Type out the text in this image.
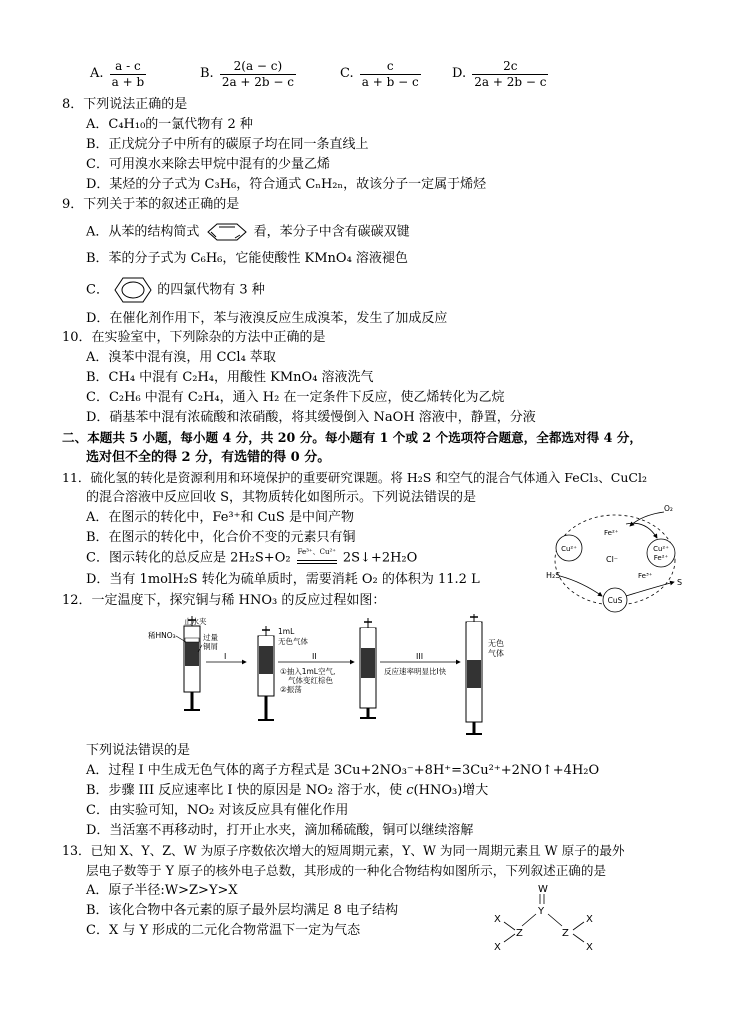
A. $\frac{a - c}{a + b}$	B. $\frac{2(a - c)}{2a + 2b - c}$	C. $\frac{c}{a + b - c} D$. $\frac{2c}{2a + 2b - c}$
8．下列说法正确的是
A．C₄H₁₀的一氯代物有 2 种
B．正戊烷分子中所有的碳原子均在同一条直线上
C．可用溴水来除去甲烷中混有的少量乙烯
D．某烃的分子式为 C₃H₆，符合通式 CₙH₂ₙ，故该分子一定属于烯烃
9．下列关于苯的叙述正确的是
A．从苯的结构简式	看，苯分子中含有碳碳双键
B．苯的分子式为 C₆H₆，它能使酸性 KMnO₄ 溶液褪色
C．	的四氯代物有 3 种
D．在催化剂作用下，苯与液溴反应生成溴苯，发生了加成反应
10．在实验室中，下列除杂的方法中正确的是
A．溴苯中混有溴，用 CCl₄ 萃取
B．CH₄ 中混有 C₂H₄，用酸性 KMnO₄ 溶液洗气
C．C₂H₆ 中混有 C₂H₄，通入 H₂ 在一定条件下反应，使乙烯转化为乙烷
D．硝基苯中混有浓硫酸和浓硝酸，将其缓慢倒入 NaOH 溶液中，静置，分液
二、本题共 5 小题，每小题 4 分，共 20 分。每小题有 1 个或 2 个选项符合题意，全都选对得 4 分，
选对但不全的得 2 分，有选错的得 0 分。
11．硫化氢的转化是资源利用和环境保护的重要研究课题。将 H₂S 和空气的混合气体通入 FeCl₃、CuCl₂
的混合溶液中反应回收 S，其物质转化如图所示。下列说法错误的是
A．在图示的转化中，Fe³⁺和 CuS 是中间产物
B．在图示的转化中，化合价不变的元素只有铜
C．图示转化的总反应是 2H₂S+O₂ Fe³⁺、Cu²⁺ 2S↓+2H₂O
D．当有 1molH₂S 转化为硫单质时，需要消耗 O₂ 的体积为 11.2 L
Cu²⁺	Cu²⁺
Fe²⁺
CuS
Fe²⁺
Cl⁻
Fe³⁺
O₂
H₂S
S
12．一定温度下，探究铜与稀 HNO₃ 的反应过程如图：
止水夹
稀HNO₃	过量
铜屑
I
1mL
无色气体
II
①抽入1mL空气,
气体变红棕色
②振荡
III
反应速率明显比I快
无色
气体
下列说法错误的是
A．过程 I 中生成无色气体的离子方程式是 3Cu+2NO₃⁻+8H⁺=3Cu²⁺+2NO↑+4H₂O
B．步骤 III 反应速率比 I 快的原因是 NO₂ 溶于水，使 c(HNO₃)增大
C．由实验可知，NO₂ 对该反应具有催化作用
D．当活塞不再移动时，打开止水夹，滴加稀硫酸，铜可以继续溶解
13．已知 X、Y、Z、W 为原子序数依次增大的短周期元素，Y、W 为同一周期元素且 W 原子的最外
层电子数等于 Y 原子的核外电子总数，其形成的一种化合物结构如图所示，下列叙述正确的是
A．原子半径:W>Z>Y>X
B．该化合物中各元素的原子最外层均满足 8 电子结构
C．X 与 Y 形成的二元化合物常温下一定为气态
W
Y
Z	Z
X
X
X
X
